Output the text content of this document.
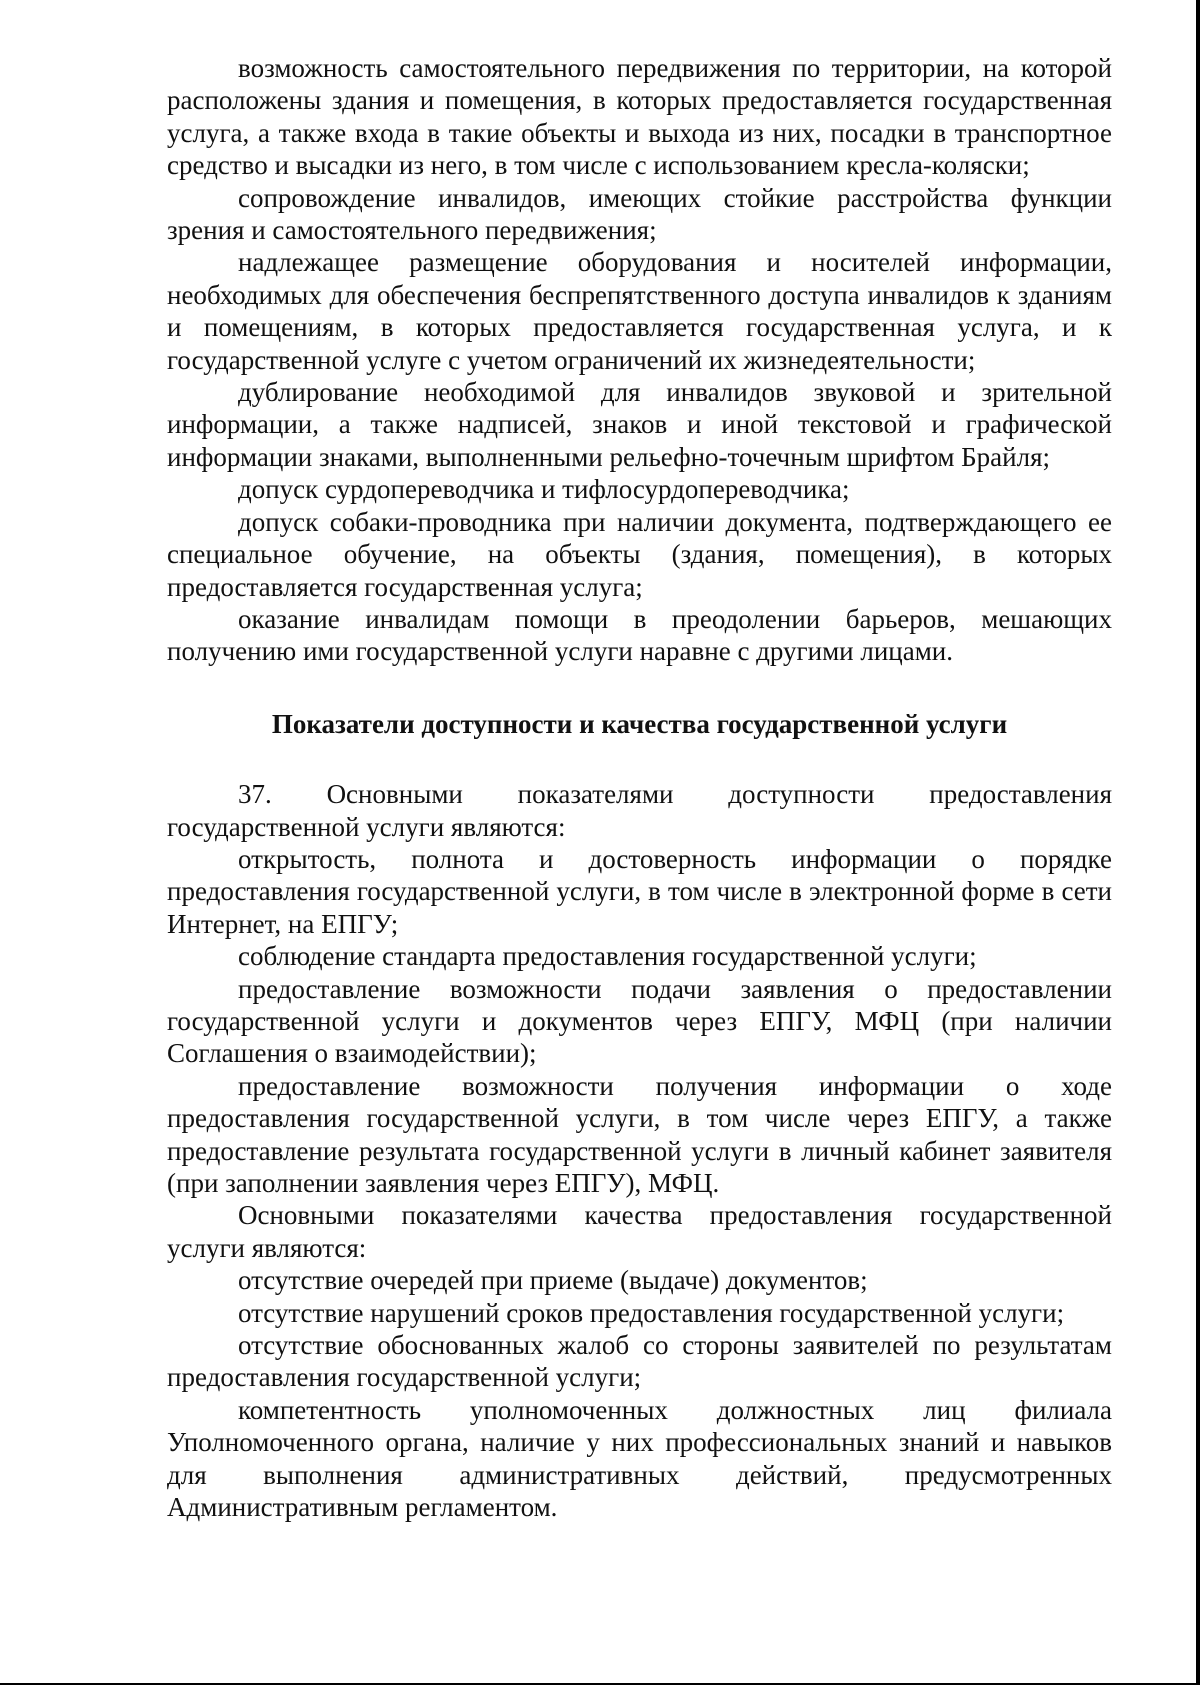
возможность самостоятельного передвижения по территории, на которой расположены здания и помещения, в которых предоставляется государственная услуга, а также входа в такие объекты и выхода из них, посадки в транспортное средство и высадки из него, в том числе с использованием кресла-коляски;

сопровождение инвалидов, имеющих стойкие расстройства функции зрения и самостоятельного передвижения;

надлежащее размещение оборудования и носителей информации, необходимых для обеспечения беспрепятственного доступа инвалидов к зданиям и помещениям, в которых предоставляется государственная услуга, и к государственной услуге с учетом ограничений их жизнедеятельности;

дублирование необходимой для инвалидов звуковой и зрительной информации, а также надписей, знаков и иной текстовой и графической информации знаками, выполненными рельефно-точечным шрифтом Брайля;

допуск сурдопереводчика и тифлосурдопереводчика;

допуск собаки-проводника при наличии документа, подтверждающего ее специальное обучение, на объекты (здания, помещения), в которых предоставляется государственная услуга;

оказание инвалидам помощи в преодолении барьеров, мешающих получению ими государственной услуги наравне с другими лицами.

Показатели доступности и качества государственной услуги

37. Основными показателями доступности предоставления государственной услуги являются:

открытость, полнота и достоверность информации о порядке предоставления государственной услуги, в том числе в электронной форме в сети Интернет, на ЕПГУ;

соблюдение стандарта предоставления государственной услуги;

предоставление возможности подачи заявления о предоставлении государственной услуги и документов через ЕПГУ, МФЦ (при наличии Соглашения о взаимодействии);

предоставление возможности получения информации о ходе предоставления государственной услуги, в том числе через ЕПГУ, а также предоставление результата государственной услуги в личный кабинет заявителя (при заполнении заявления через ЕПГУ), МФЦ.

Основными показателями качества предоставления государственной услуги являются:

отсутствие очередей при приеме (выдаче) документов;

отсутствие нарушений сроков предоставления государственной услуги;

отсутствие обоснованных жалоб со стороны заявителей по результатам предоставления государственной услуги;

компетентность уполномоченных должностных лиц филиала Уполномоченного органа, наличие у них профессиональных знаний и навыков для выполнения административных действий, предусмотренных Административным регламентом.
